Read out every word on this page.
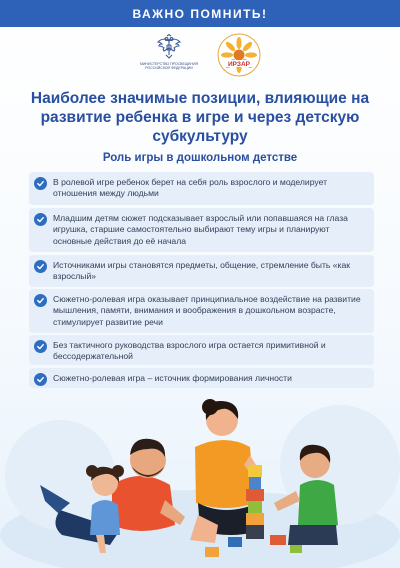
ВАЖНО ПОМНИТЬ!
МИНИСТЕРСТВО ПРОСВЕЩЕНИЯ РОССИЙСКОЙ ФЕДЕРАЦИИ	ИРЗАР
Наиболее значимые позиции, влияющие на развитие ребенка в игре и через детскую субкультуру
Роль игры в дошкольном детстве
В ролевой игре ребенок берет на себя роль взрослого и моделирует отношения между людьми
Младшим детям сюжет подсказывает взрослый или попавшаяся на глаза игрушка, старшие самостоятельно выбирают тему игры и планируют основные действия до её начала
Источниками игры становятся предметы, общение, стремление быть «как взрослый»
Сюжетно-ролевая игра оказывает принципиальное воздействие на развитие мышления, памяти, внимания и воображения в дошкольном возрасте, стимулирует развитие речи
Без тактичного руководства взрослого игра остается примитивной и бессодержательной
Сюжетно-ролевая игра – источник формирования личности
